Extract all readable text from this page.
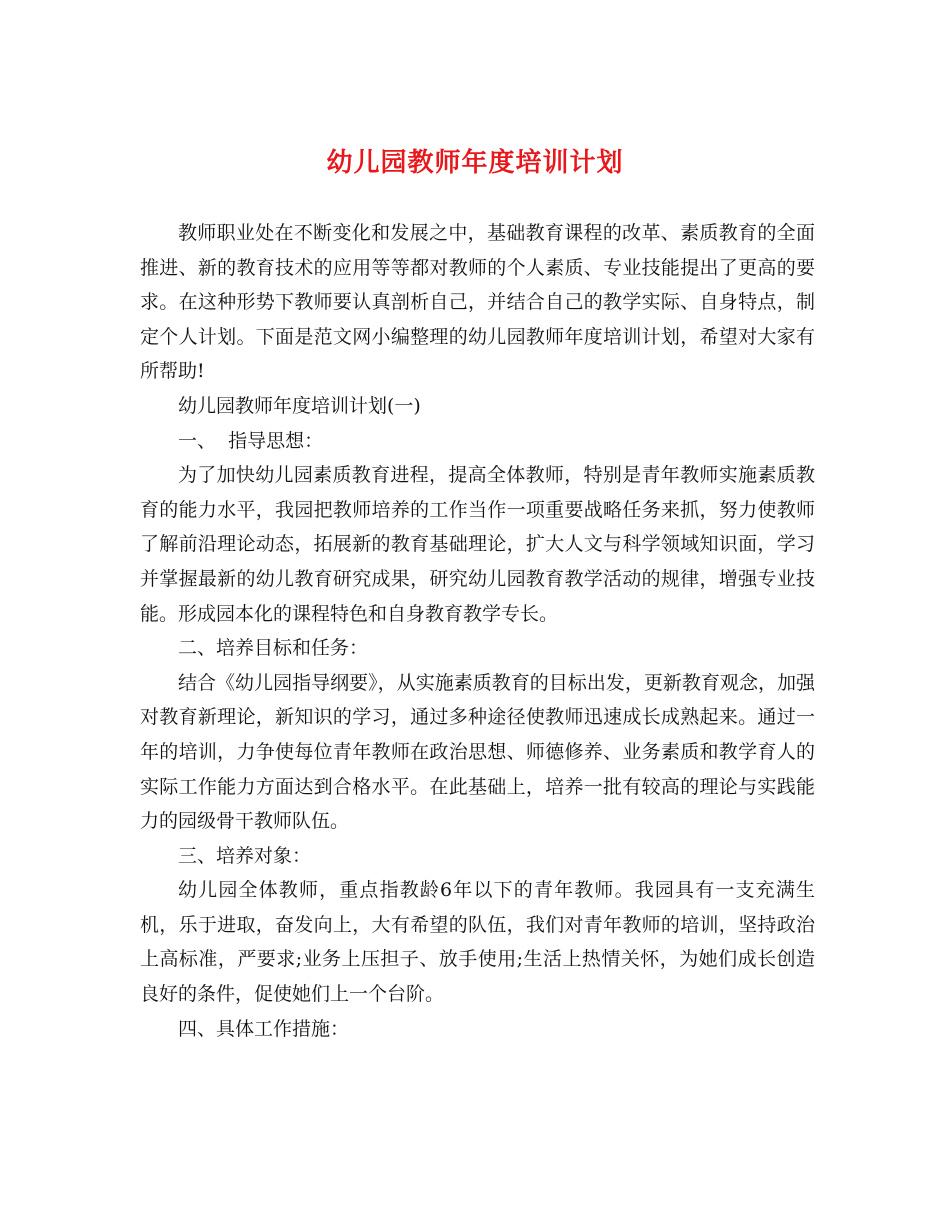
幼儿园教师年度培训计划

教师职业处在不断变化和发展之中，基础教育课程的改革、素质教育的全面推进、新的教育技术的应用等等都对教师的个人素质、专业技能提出了更高的要求。在这种形势下教师要认真剖析自己，并结合自己的教学实际、自身特点，制定个人计划。下面是范文网小编整理的幼儿园教师年度培训计划，希望对大家有所帮助!

幼儿园教师年度培训计划(一)

一、  指导思想：

为了加快幼儿园素质教育进程，提高全体教师，特别是青年教师实施素质教育的能力水平，我园把教师培养的工作当作一项重要战略任务来抓，努力使教师了解前沿理论动态，拓展新的教育基础理论，扩大人文与科学领域知识面，学习并掌握最新的幼儿教育研究成果，研究幼儿园教育教学活动的规律，增强专业技能。形成园本化的课程特色和自身教育教学专长。

二、培养目标和任务：

结合《幼儿园指导纲要》，从实施素质教育的目标出发，更新教育观念，加强对教育新理论，新知识的学习，通过多种途径使教师迅速成长成熟起来。通过一年的培训，力争使每位青年教师在政治思想、师德修养、业务素质和教学育人的实际工作能力方面达到合格水平。在此基础上，培养一批有较高的理论与实践能力的园级骨干教师队伍。

三、培养对象：

幼儿园全体教师，重点指教龄6年以下的青年教师。我园具有一支充满生机，乐于进取，奋发向上，大有希望的队伍，我们对青年教师的培训，坚持政治上高标准，严要求;业务上压担子、放手使用;生活上热情关怀，为她们成长创造良好的条件，促使她们上一个台阶。

四、具体工作措施：
